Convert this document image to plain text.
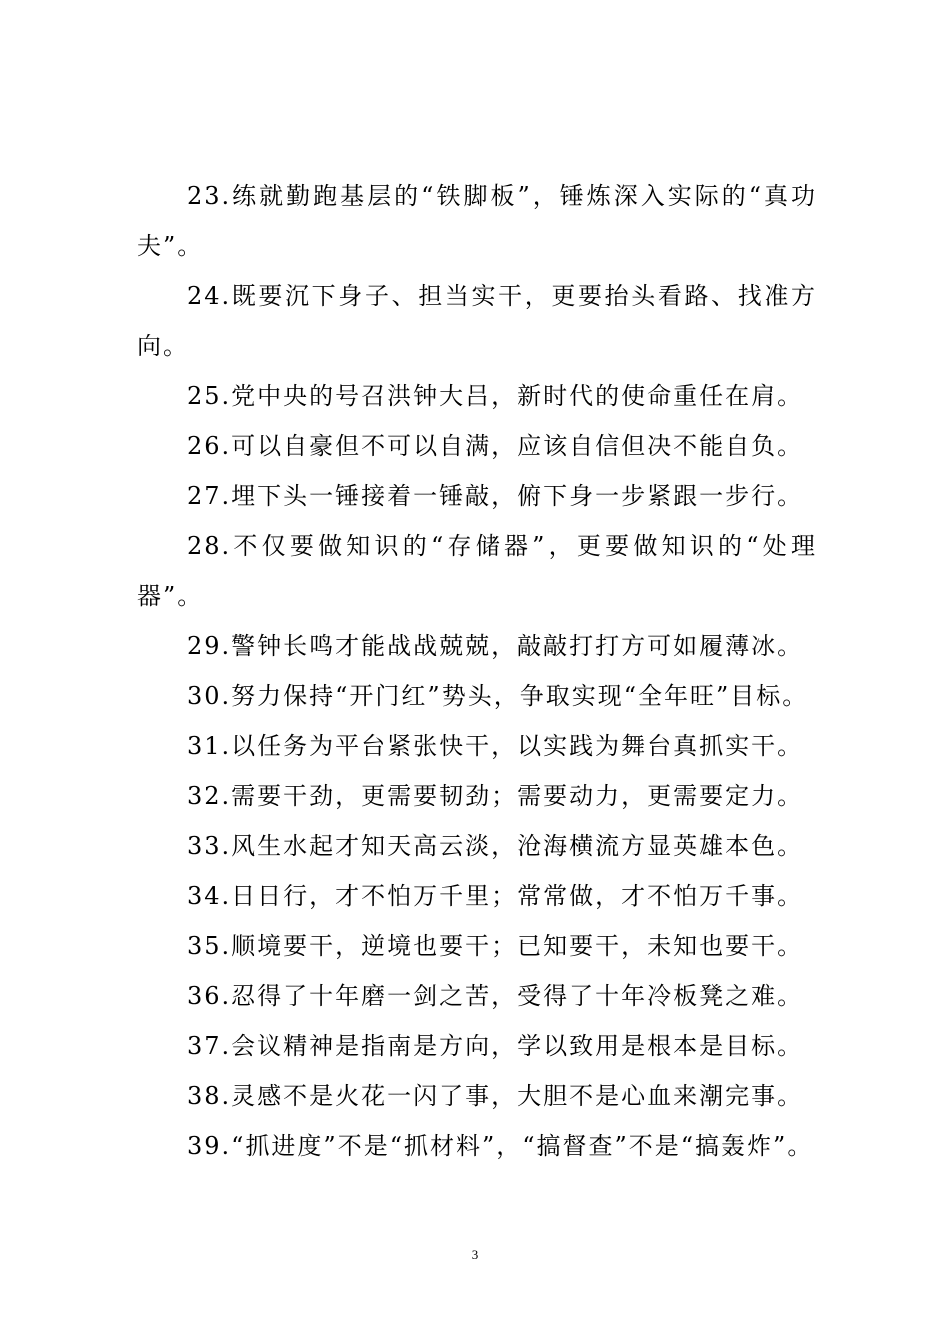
23.练就勤跑基层的“铁脚板”，锤炼深入实际的“真功夫”。

24.既要沉下身子、担当实干，更要抬头看路、找准方向。

25.党中央的号召洪钟大吕，新时代的使命重任在肩。

26.可以自豪但不可以自满，应该自信但决不能自负。

27.埋下头一锤接着一锤敲，俯下身一步紧跟一步行。

28.不仅要做知识的“存储器”，更要做知识的“处理器”。

29.警钟长鸣才能战战兢兢，敲敲打打方可如履薄冰。

30.努力保持“开门红”势头，争取实现“全年旺”目标。

31.以任务为平台紧张快干，以实践为舞台真抓实干。

32.需要干劲，更需要韧劲；需要动力，更需要定力。

33.风生水起才知天高云淡，沧海横流方显英雄本色。

34.日日行，才不怕万千里；常常做，才不怕万千事。

35.顺境要干，逆境也要干；已知要干，未知也要干。

36.忍得了十年磨一剑之苦，受得了十年冷板凳之难。

37.会议精神是指南是方向，学以致用是根本是目标。

38.灵感不是火花一闪了事，大胆不是心血来潮完事。

39.“抓进度”不是“抓材料”，“搞督查”不是“搞轰炸”。

3
